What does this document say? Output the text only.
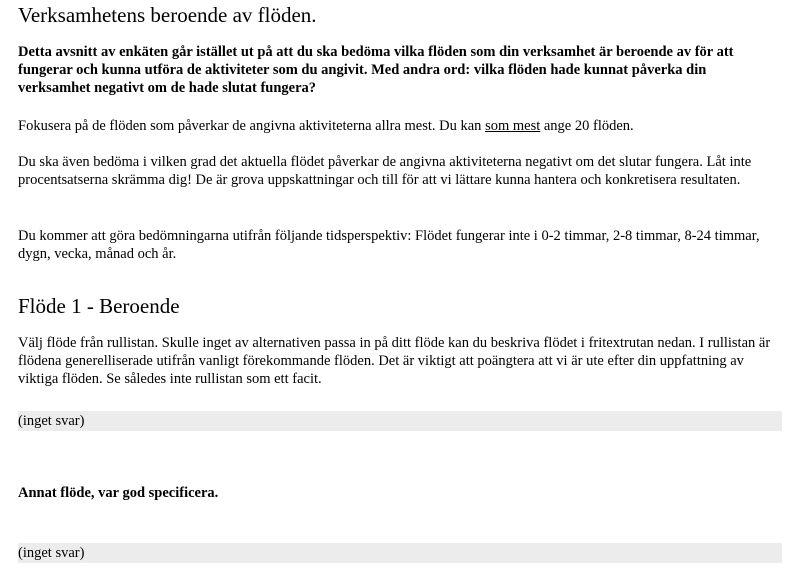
Verksamhetens beroende av flöden.
Detta avsnitt av enkäten går istället ut på att du ska bedöma vilka flöden som din verksamhet är beroende av för att fungerar och kunna utföra de aktiviteter som du angivit. Med andra ord: vilka flöden hade kunnat påverka din verksamhet negativt om de hade slutat fungera?
Fokusera på de flöden som påverkar de angivna aktiviteterna allra mest. Du kan som mest ange 20 flöden.
Du ska även bedöma i vilken grad det aktuella flödet påverkar de angivna aktiviteterna negativt om det slutar fungera. Låt inte procentsatserna skrämma dig! De är grova uppskattningar och till för att vi lättare kunna hantera och konkretisera resultaten.
Du kommer att göra bedömningarna utifrån följande tidsperspektiv: Flödet fungerar inte i 0-2 timmar, 2-8 timmar, 8-24 timmar, dygn, vecka, månad och år.
Flöde 1 - Beroende
Välj flöde från rullistan. Skulle inget av alternativen passa in på ditt flöde kan du beskriva flödet i fritextrutan nedan. I rullistan är flödena generelliserade utifrån vanligt förekommande flöden. Det är viktigt att poängtera att vi är ute efter din uppfattning av viktiga flöden. Se således inte rullistan som ett facit.
(inget svar)
Annat flöde, var god specificera.
(inget svar)
